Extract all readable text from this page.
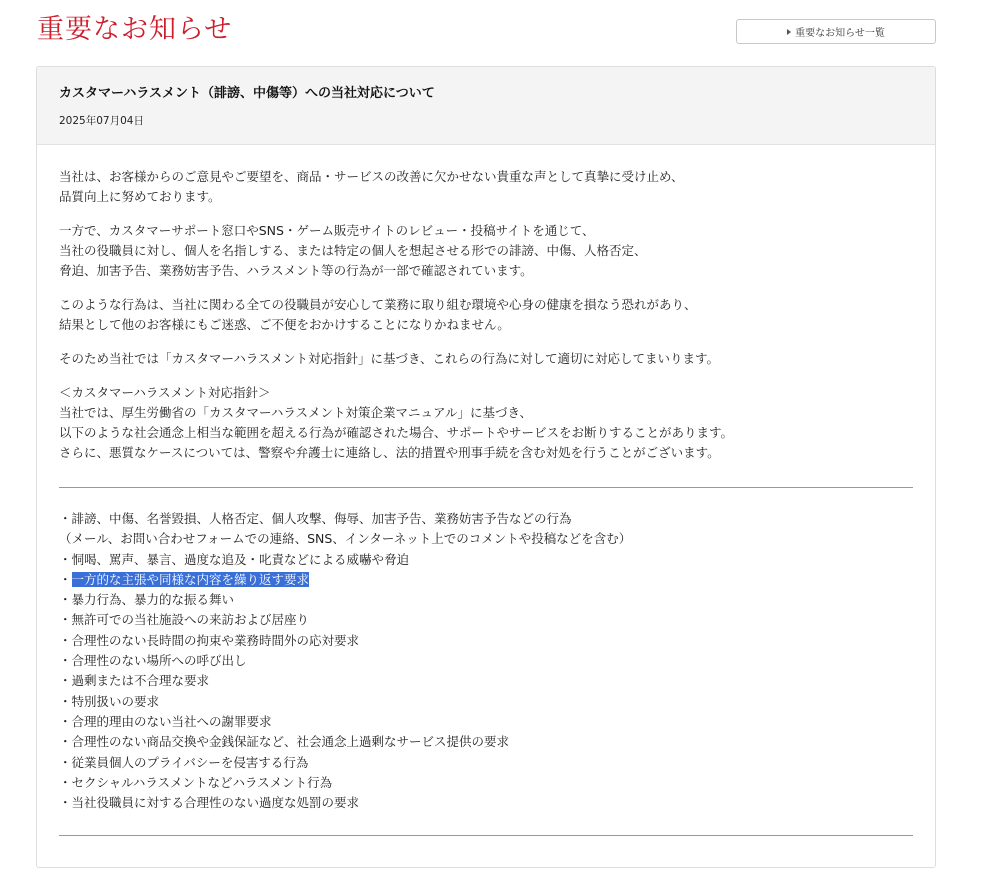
重要なお知らせ	重要なお知らせ一覧
カスタマーハラスメント（誹謗、中傷等）への当社対応について
2025年07月04日
当社は、お客様からのご意見やご要望を、商品・サービスの改善に欠かせない貴重な声として真摯に受け止め、
品質向上に努めております。
一方で、カスタマーサポート窓口やSNS・ゲーム販売サイトのレビュー・投稿サイトを通じて、
当社の役職員に対し、個人を名指しする、または特定の個人を想起させる形での誹謗、中傷、人格否定、
脅迫、加害予告、業務妨害予告、ハラスメント等の行為が一部で確認されています。
このような行為は、当社に関わる全ての役職員が安心して業務に取り組む環境や心身の健康を損なう恐れがあり、
結果として他のお客様にもご迷惑、ご不便をおかけすることになりかねません。
そのため当社では「カスタマーハラスメント対応指針」に基づき、これらの行為に対して適切に対応してまいります。
＜カスタマーハラスメント対応指針＞
当社では、厚生労働省の「カスタマーハラスメント対策企業マニュアル」に基づき、
以下のような社会通念上相当な範囲を超える行為が確認された場合、サポートやサービスをお断りすることがあります。
さらに、悪質なケースについては、警察や弁護士に連絡し、法的措置や刑事手続を含む対処を行うことがございます。
・誹謗、中傷、名誉毀損、人格否定、個人攻撃、侮辱、加害予告、業務妨害予告などの行為
（メール、お問い合わせフォームでの連絡、SNS、インターネット上でのコメントや投稿などを含む）
・恫喝、罵声、暴言、過度な追及・叱責などによる威嚇や脅迫
・一方的な主張や同様な内容を繰り返す要求
・暴力行為、暴力的な振る舞い
・無許可での当社施設への来訪および居座り
・合理性のない長時間の拘束や業務時間外の応対要求
・合理性のない場所への呼び出し
・過剰または不合理な要求
・特別扱いの要求
・合理的理由のない当社への謝罪要求
・合理性のない商品交換や金銭保証など、社会通念上過剰なサービス提供の要求
・従業員個人のプライバシーを侵害する行為
・セクシャルハラスメントなどハラスメント行為
・当社役職員に対する合理性のない過度な処罰の要求
